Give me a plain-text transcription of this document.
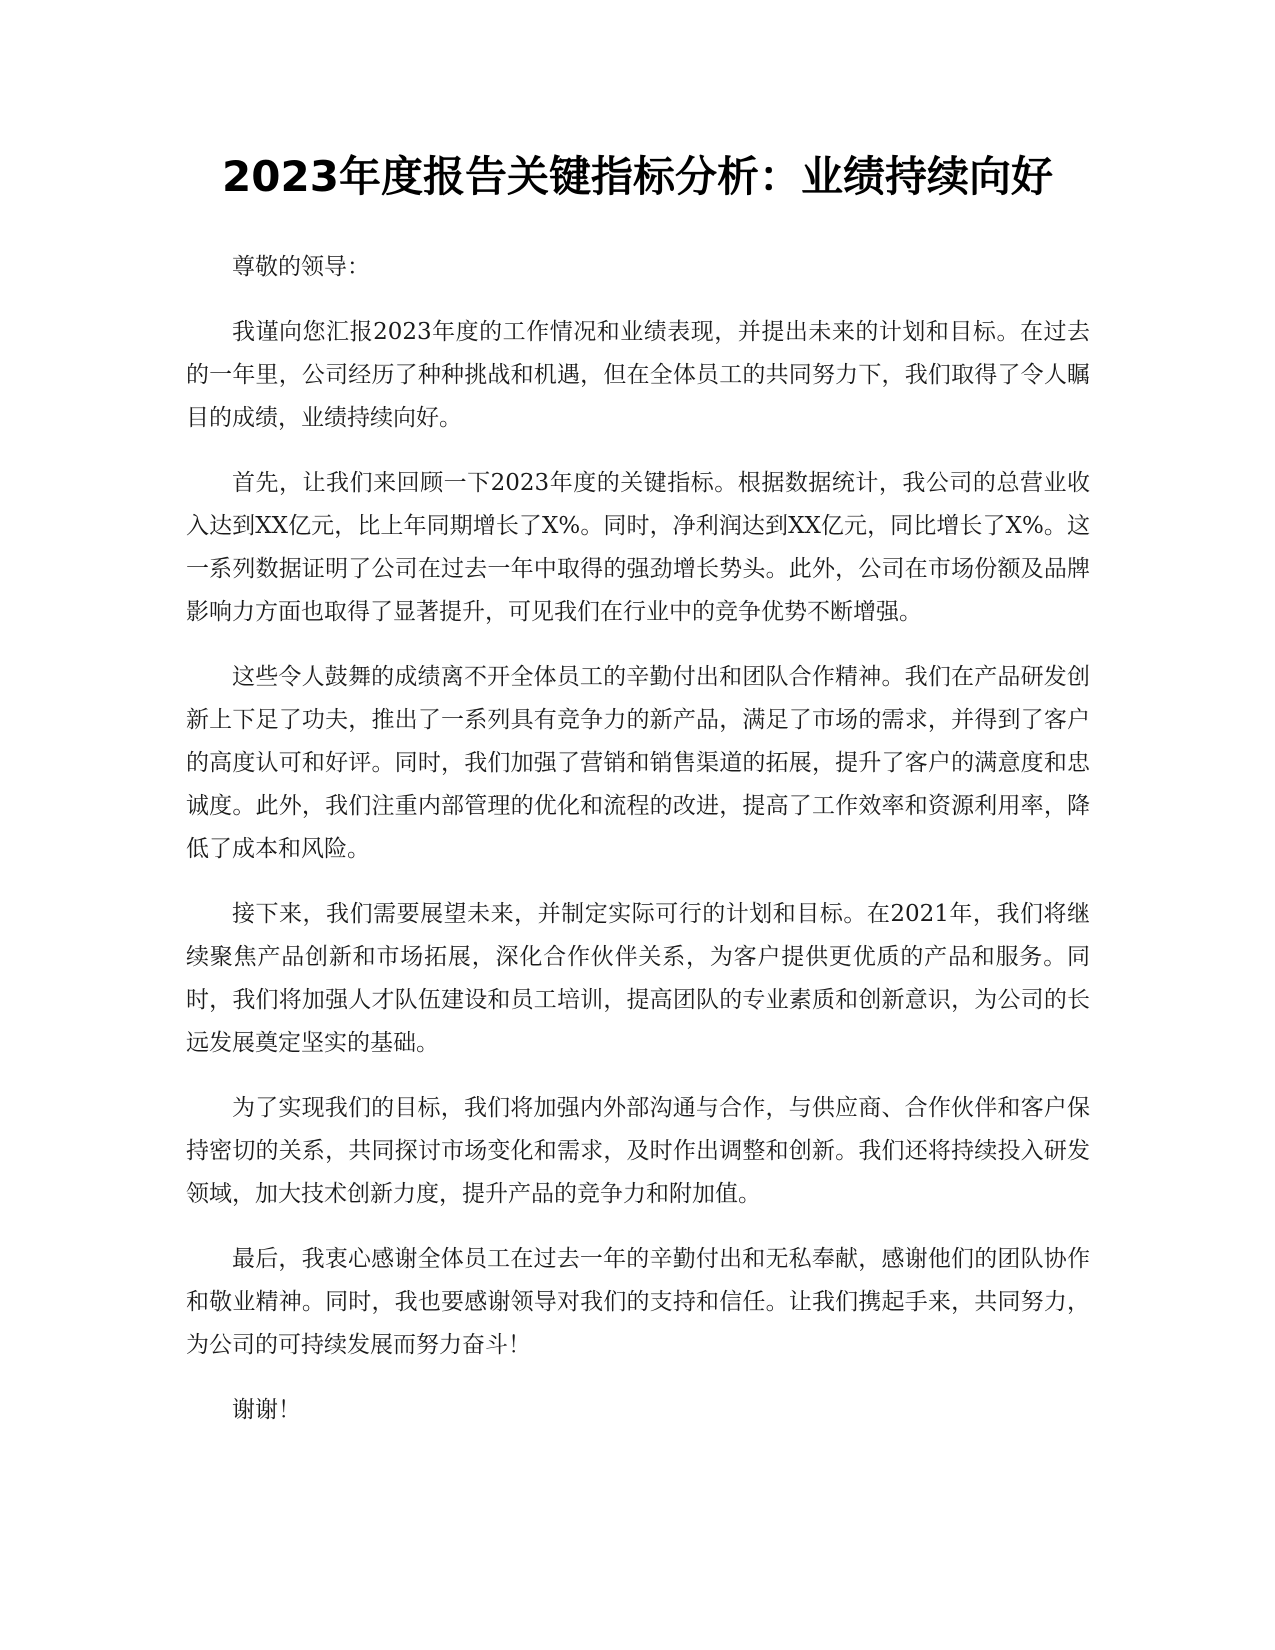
2023年度报告关键指标分析：业绩持续向好

尊敬的领导：

我谨向您汇报2023年度的工作情况和业绩表现，并提出未来的计划和目标。在过去的一年里，公司经历了种种挑战和机遇，但在全体员工的共同努力下，我们取得了令人瞩目的成绩，业绩持续向好。

首先，让我们来回顾一下2023年度的关键指标。根据数据统计，我公司的总营业收入达到XX亿元，比上年同期增长了X%。同时，净利润达到XX亿元，同比增长了X%。这一系列数据证明了公司在过去一年中取得的强劲增长势头。此外，公司在市场份额及品牌影响力方面也取得了显著提升，可见我们在行业中的竞争优势不断增强。

这些令人鼓舞的成绩离不开全体员工的辛勤付出和团队合作精神。我们在产品研发创新上下足了功夫，推出了一系列具有竞争力的新产品，满足了市场的需求，并得到了客户的高度认可和好评。同时，我们加强了营销和销售渠道的拓展，提升了客户的满意度和忠诚度。此外，我们注重内部管理的优化和流程的改进，提高了工作效率和资源利用率，降低了成本和风险。

接下来，我们需要展望未来，并制定实际可行的计划和目标。在2021年，我们将继续聚焦产品创新和市场拓展，深化合作伙伴关系，为客户提供更优质的产品和服务。同时，我们将加强人才队伍建设和员工培训，提高团队的专业素质和创新意识，为公司的长远发展奠定坚实的基础。

为了实现我们的目标，我们将加强内外部沟通与合作，与供应商、合作伙伴和客户保持密切的关系，共同探讨市场变化和需求，及时作出调整和创新。我们还将持续投入研发领域，加大技术创新力度，提升产品的竞争力和附加值。

最后，我衷心感谢全体员工在过去一年的辛勤付出和无私奉献，感谢他们的团队协作和敬业精神。同时，我也要感谢领导对我们的支持和信任。让我们携起手来，共同努力，为公司的可持续发展而努力奋斗！

谢谢！
